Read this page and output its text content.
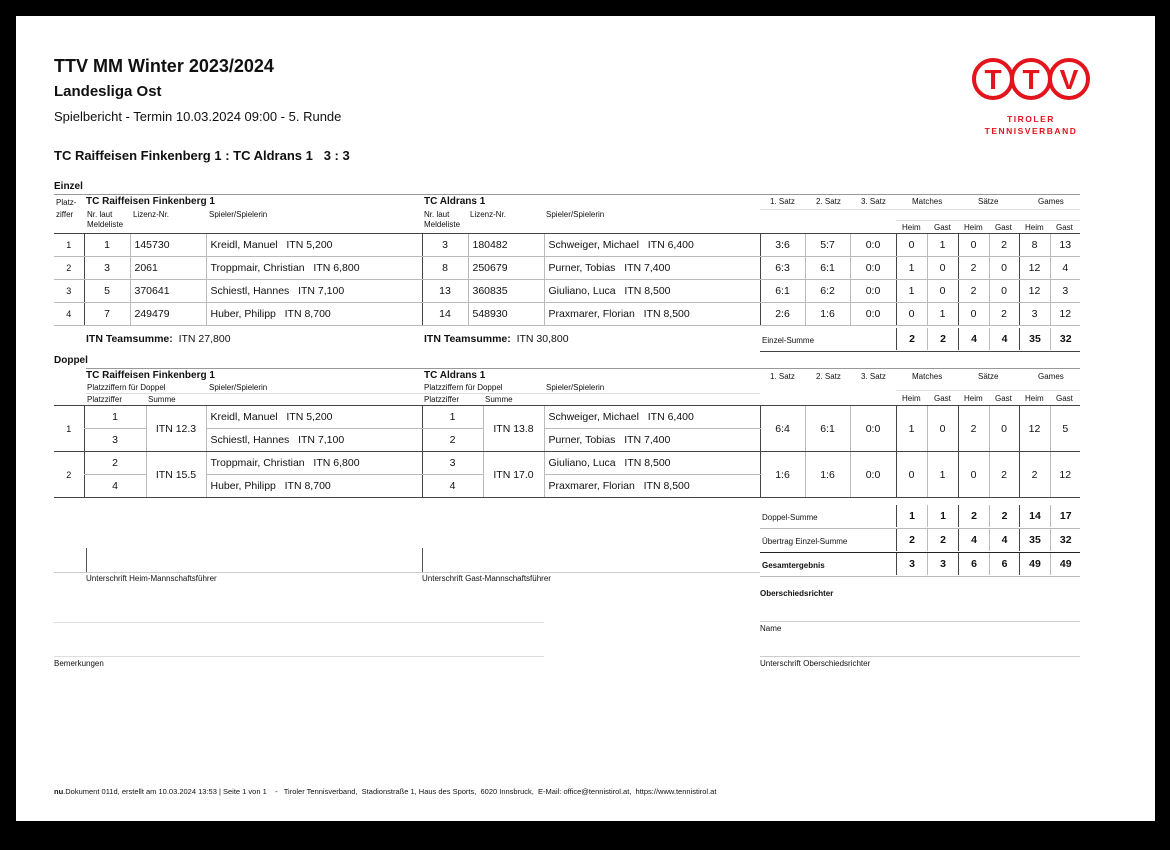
TTV MM Winter 2023/2024
Landesliga Ost
Spielbericht - Termin 10.03.2024 09:00 - 5. Runde
TC Raiffeisen Finkenberg 1 : TC Aldrans 1 3 : 3
T T V
TIROLER
TENNISVERBAND
Einzel
Platz-
ziffer
TC Raiffeisen Finkenberg 1	TC Aldrans 1
Nr. laut
Meldeliste
Lizenz-Nr.	Spieler/Spielerin	Nr. laut
Meldeliste
Lizenz-Nr.	Spieler/Spielerin
1. Satz	2. Satz	3. Satz	Matches	Sätze	Games
Heim Gast Heim Gast Heim Gast
1	1	145730	Kreidl, Manuel ITN 5,200	3	180482	Schweiger, Michael ITN 6,400	3:6	5:7	0:0	0	1	0	2	8	13
2	3	2061	Troppmair, Christian ITN 6,800	8	250679	Purner, Tobias ITN 7,400	6:3	6:1	0:0	1	0	2	0	12	4
3	5	370641	Schiestl, Hannes ITN 7,100	13	360835	Giuliano, Luca ITN 8,500	6:1	6:2	0:0	1	0	2	0	12	3
4	7	249479	Huber, Philipp ITN 8,700	14	548930	Praxmarer, Florian ITN 8,500	2:6	1:6	0:0	0	1	0	2	3	12
ITN Teamsumme: ITN 27,800	ITN Teamsumme: ITN 30,800	Einzel-Summe	2	2	4	4	35	32
Doppel
TC Raiffeisen Finkenberg 1	TC Aldrans 1
Platzziffern für Doppel
Platzziffer	Summe
Spieler/Spielerin	Platzziffern für Doppel
Platzziffer	Summe
Spieler/Spielerin
1. Satz	2. Satz	3. Satz	Matches	Sätze	Games
Heim Gast Heim Gast Heim Gast
1	1	ITN 12.3	Kreidl, Manuel ITN 5,200	1	ITN 13.8	Schweiger, Michael ITN 6,400	6:4	6:1	0:0	1	0	2	0	12	5
	3		Schiestl, Hannes ITN 7,100	2		Purner, Tobias ITN 7,400									
2	2	ITN 15.5	Troppmair, Christian ITN 6,800	3	ITN 17.0	Giuliano, Luca ITN 8,500	1:6	1:6	0:0	0	1	0	2	2	12
	4		Huber, Philipp ITN 8,700	4		Praxmarer, Florian ITN 8,500									
Doppel-Summe	1	1	2	2	14	17
Übertrag Einzel-Summe	2	2	4	4	35	32
Gesamtergebnis	3	3	6	6	49	49
Unterschrift Heim-Mannschaftsführer	Unterschrift Gast-Mannschaftsführer
Oberschiedsrichter
Name
Unterschrift Oberschiedsrichter
Bemerkungen
nu.Dokument 011d, erstellt am 10.03.2024 13:53 | Seite 1 von 1    -   Tiroler Tennisverband,  Stadionstraße 1, Haus des Sports,  6020 Innsbruck,  E-Mail: office@tennistirol.at,  https://www.tennistirol.at
